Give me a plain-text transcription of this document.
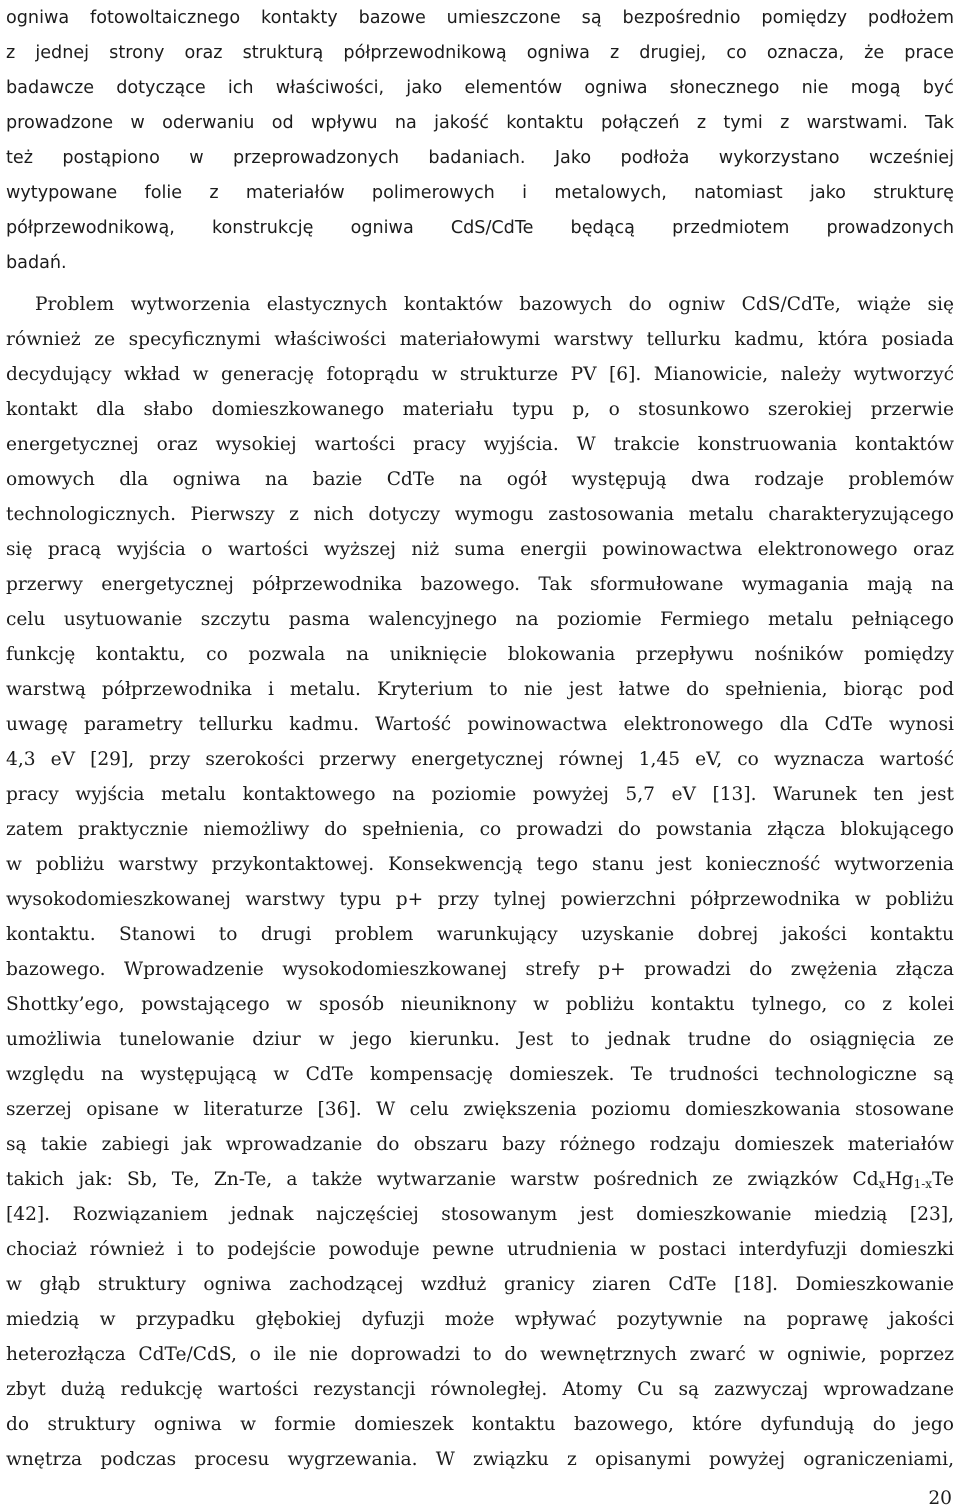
ogniwa fotowoltaicznego kontakty bazowe umieszczone są bezpośrednio pomiędzy podłożem
z jednej strony oraz strukturą półprzewodnikową ogniwa z drugiej, co oznacza, że prace
badawcze dotyczące ich właściwości, jako elementów ogniwa słonecznego nie mogą być
prowadzone w oderwaniu od wpływu na jakość kontaktu połączeń z tymi z warstwami. Tak
też postąpiono w przeprowadzonych badaniach. Jako podłoża wykorzystano wcześniej
wytypowane folie z materiałów polimerowych i metalowych, natomiast jako strukturę
półprzewodnikową, konstrukcję ogniwa CdS/CdTe będącą przedmiotem prowadzonych
badań.
Problem wytworzenia elastycznych kontaktów bazowych do ogniw CdS/CdTe, wiąże się
również ze specyficznymi właściwości materiałowymi warstwy tellurku kadmu, która posiada
decydujący wkład w generację fotoprądu w strukturze PV [6]. Mianowicie, należy wytworzyć
kontakt dla słabo domieszkowanego materiału typu p, o stosunkowo szerokiej przerwie
energetycznej oraz wysokiej wartości pracy wyjścia. W trakcie konstruowania kontaktów
omowych dla ogniwa na bazie CdTe na ogół występują dwa rodzaje problemów
technologicznych. Pierwszy z nich dotyczy wymogu zastosowania metalu charakteryzującego
się pracą wyjścia o wartości wyższej niż suma energii powinowactwa elektronowego oraz
przerwy energetycznej półprzewodnika bazowego. Tak sformułowane wymagania mają na
celu usytuowanie szczytu pasma walencyjnego na poziomie Fermiego metalu pełniącego
funkcję kontaktu, co pozwala na uniknięcie blokowania przepływu nośników pomiędzy
warstwą półprzewodnika i metalu. Kryterium to nie jest łatwe do spełnienia, biorąc pod
uwagę parametry tellurku kadmu. Wartość powinowactwa elektronowego dla CdTe wynosi
4,3 eV [29], przy szerokości przerwy energetycznej równej 1,45 eV, co wyznacza wartość
pracy wyjścia metalu kontaktowego na poziomie powyżej 5,7 eV [13]. Warunek ten jest
zatem praktycznie niemożliwy do spełnienia, co prowadzi do powstania złącza blokującego
w pobliżu warstwy przykontaktowej. Konsekwencją tego stanu jest konieczność wytworzenia
wysokodomieszkowanej warstwy typu p+ przy tylnej powierzchni półprzewodnika w pobliżu
kontaktu. Stanowi to drugi problem warunkujący uzyskanie dobrej jakości kontaktu
bazowego. Wprowadzenie wysokodomieszkowanej strefy p+ prowadzi do zwężenia złącza
Shottky’ego, powstającego w sposób nieuniknony w pobliżu kontaktu tylnego, co z kolei
umożliwia tunelowanie dziur w jego kierunku. Jest to jednak trudne do osiągnięcia ze
względu na występującą w CdTe kompensację domieszek. Te trudności technologiczne są
szerzej opisane w literaturze [36]. W celu zwiększenia poziomu domieszkowania stosowane
są takie zabiegi jak wprowadzanie do obszaru bazy różnego rodzaju domieszek materiałów
takich jak: Sb, Te, Zn-Te, a także wytwarzanie warstw pośrednich ze związków $Cd_xHg_{1-x}Te$
[42]. Rozwiązaniem jednak najczęściej stosowanym jest domieszkowanie miedzią [23],
chociaż również i to podejście powoduje pewne utrudnienia w postaci interdyfuzji domieszki
w głąb struktury ogniwa zachodzącej wzdłuż granicy ziaren CdTe [18]. Domieszkowanie
miedzią w przypadku głębokiej dyfuzji może wpływać pozytywnie na poprawę jakości
heterozłącza CdTe/CdS, o ile nie doprowadzi to do wewnętrznych zwarć w ogniwie, poprzez
zbyt dużą redukcję wartości rezystancji równoległej. Atomy Cu są zazwyczaj wprowadzane
do struktury ogniwa w formie domieszek kontaktu bazowego, które dyfundują do jego
wnętrza podczas procesu wygrzewania. W związku z opisanymi powyżej ograniczeniami,
20
